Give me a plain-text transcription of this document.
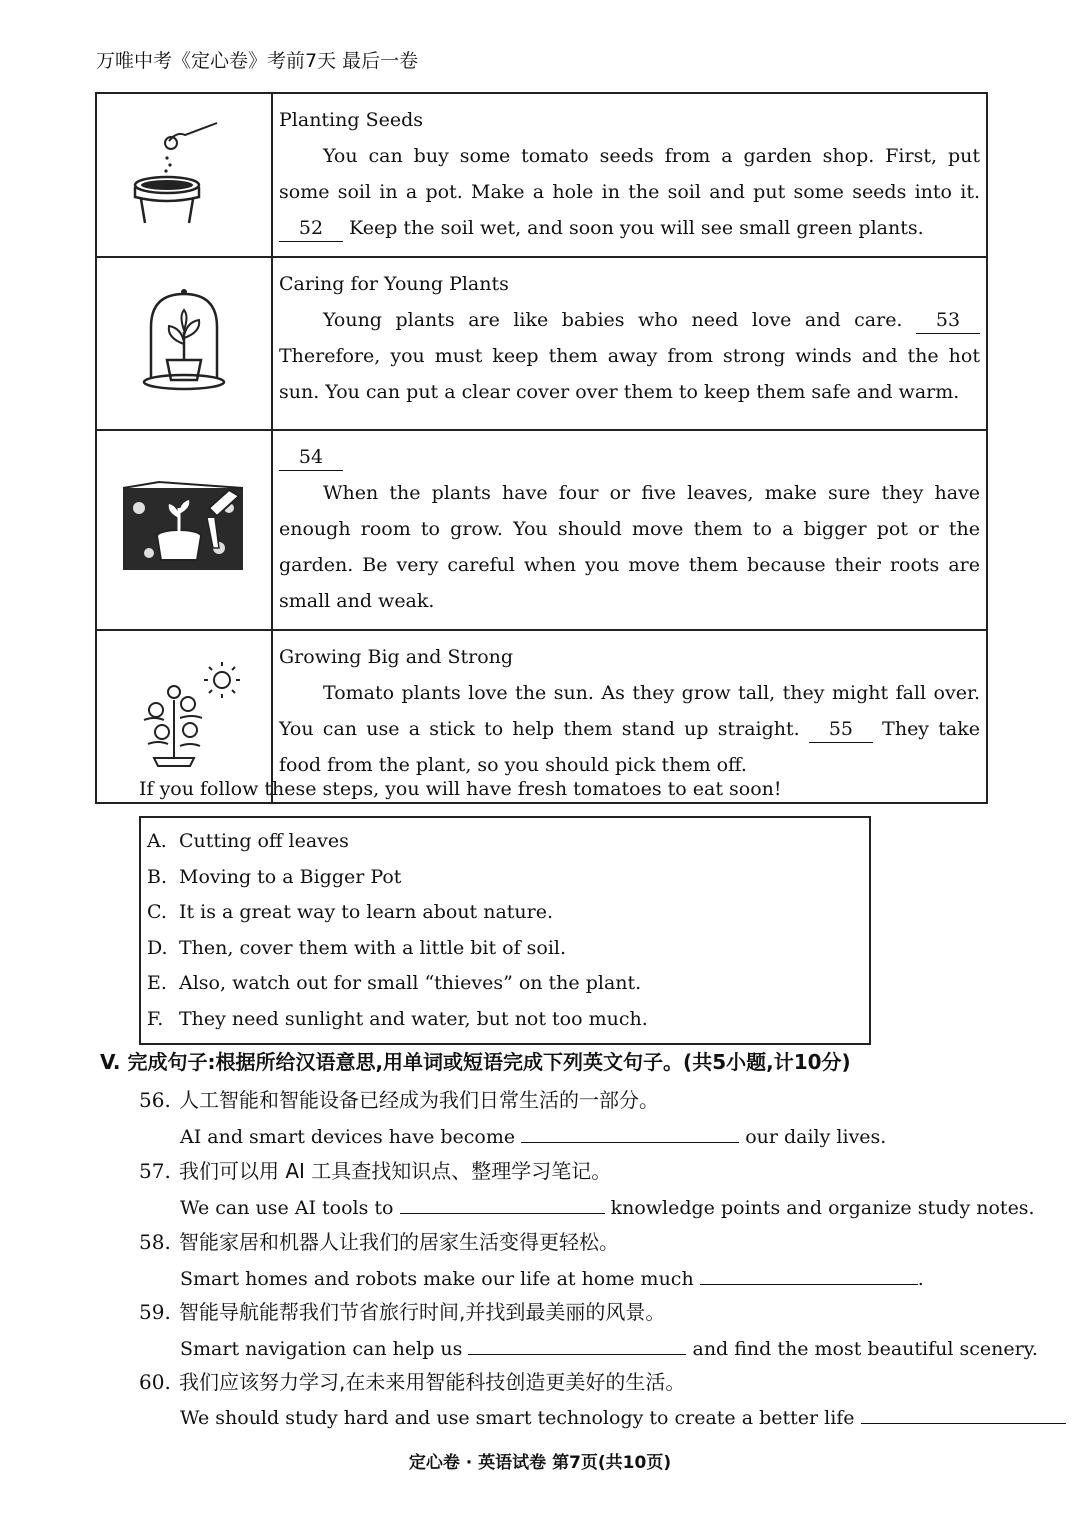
万唯中考《定心卷》考前7天 最后一卷

Planting Seeds
You can buy some tomato seeds from a garden shop. First, put some soil in a pot. Make a hole in the soil and put some seeds into it. 52 Keep the soil wet, and soon you will see small green plants.

Caring for Young Plants
Young plants are like babies who need love and care. 53 Therefore, you must keep them away from strong winds and the hot sun. You can put a clear cover over them to keep them safe and warm.

54
When the plants have four or five leaves, make sure they have enough room to grow. You should move them to a bigger pot or the garden. Be very careful when you move them because their roots are small and weak.

Growing Big and Strong
Tomato plants love the sun. As they grow tall, they might fall over. You can use a stick to help them stand up straight. 55 They take food from the plant, so you should pick them off.
If you follow these steps, you will have fresh tomatoes to eat soon!
A. Cutting off leaves
B. Moving to a Bigger Pot
C. It is a great way to learn about nature.
D. Then, cover them with a little bit of soil.
E. Also, watch out for small “thieves” on the plant.
F. They need sunlight and water, but not too much.
V. 完成句子:根据所给汉语意思,用单词或短语完成下列英文句子。(共5小题,计10分)
56. 人工智能和智能设备已经成为我们日常生活的一部分。
AI and smart devices have become	our daily lives.
57. 我们可以用 AI 工具查找知识点、整理学习笔记。
We can use AI tools to	knowledge points and organize study notes.
58. 智能家居和机器人让我们的居家生活变得更轻松。
Smart homes and robots make our life at home much	.
59. 智能导航能帮我们节省旅行时间,并找到最美丽的风景。
Smart navigation can help us	and find the most beautiful scenery.
60. 我们应该努力学习,在未来用智能科技创造更美好的生活。
We should study hard and use smart technology to create a better life
定心卷 · 英语试卷 第7页(共10页)
